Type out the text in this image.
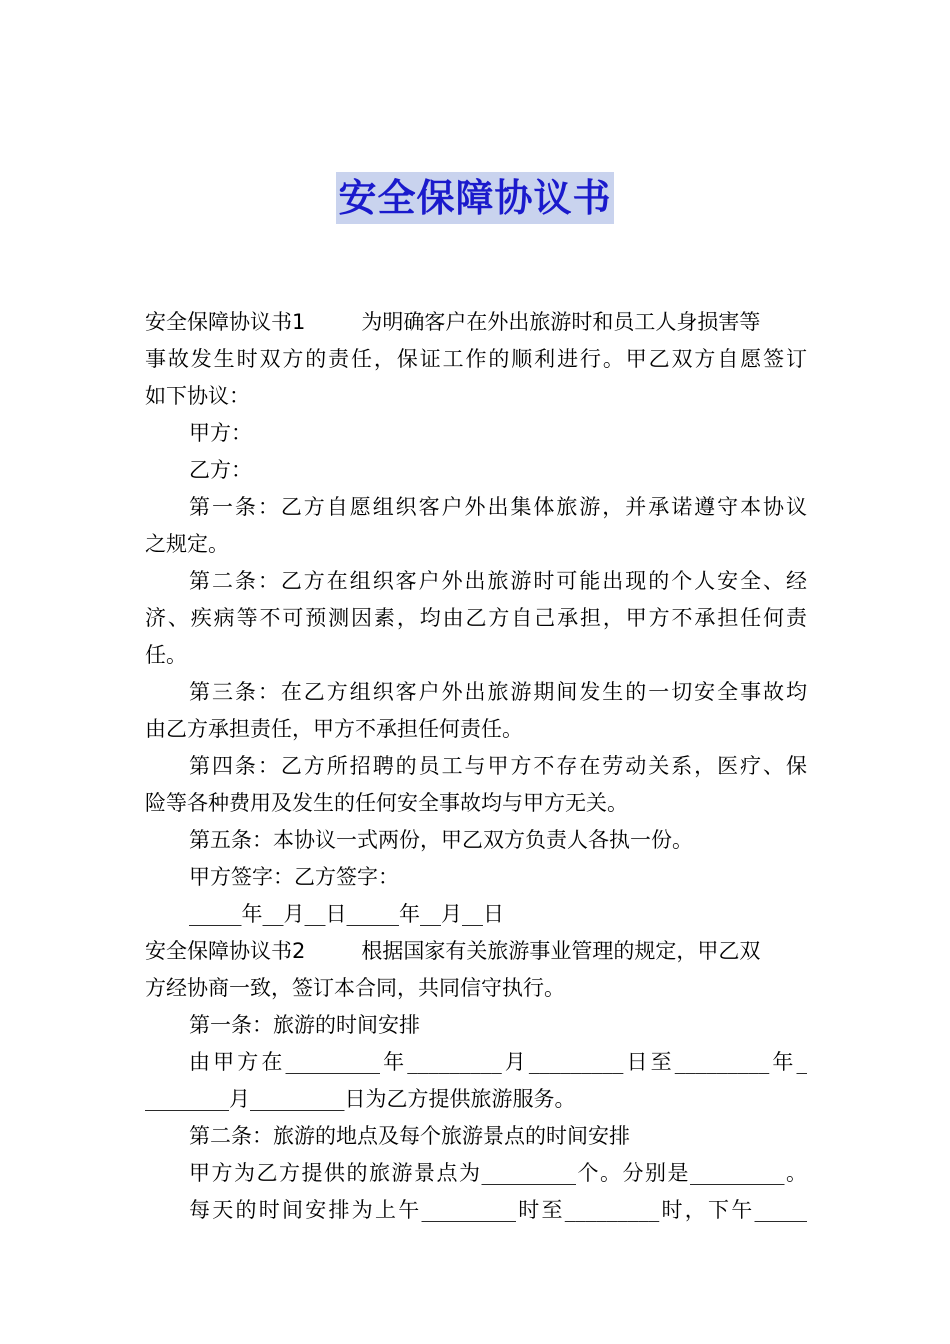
安全保障协议书

安全保障协议书1	为明确客户在外出旅游时和员工人身损害等

事故发生时双方的责任，保证工作的顺利进行。甲乙双方自愿签订

如下协议：

甲方：

乙方：

第一条：乙方自愿组织客户外出集体旅游，并承诺遵守本协议

之规定。

第二条：乙方在组织客户外出旅游时可能出现的个人安全、经

济、疾病等不可预测因素，均由乙方自己承担，甲方不承担任何责

任。

第三条：在乙方组织客户外出旅游期间发生的一切安全事故均

由乙方承担责任，甲方不承担任何责任。

第四条：乙方所招聘的员工与甲方不存在劳动关系，医疗、保

险等各种费用及发生的任何安全事故均与甲方无关。

第五条：本协议一式两份，甲乙双方负责人各执一份。

甲方签字：乙方签字：

_____年__月__日_____年__月__日

安全保障协议书2	根据国家有关旅游事业管理的规定，甲乙双

方经协商一致，签订本合同，共同信守执行。

第一条：旅游的时间安排

由甲方在_________年_________月_________日至_________年_

________月_________日为乙方提供旅游服务。

第二条：旅游的地点及每个旅游景点的时间安排

甲方为乙方提供的旅游景点为_________个。分别是_________。

每天的时间安排为上午_________时至_________时，下午_____
